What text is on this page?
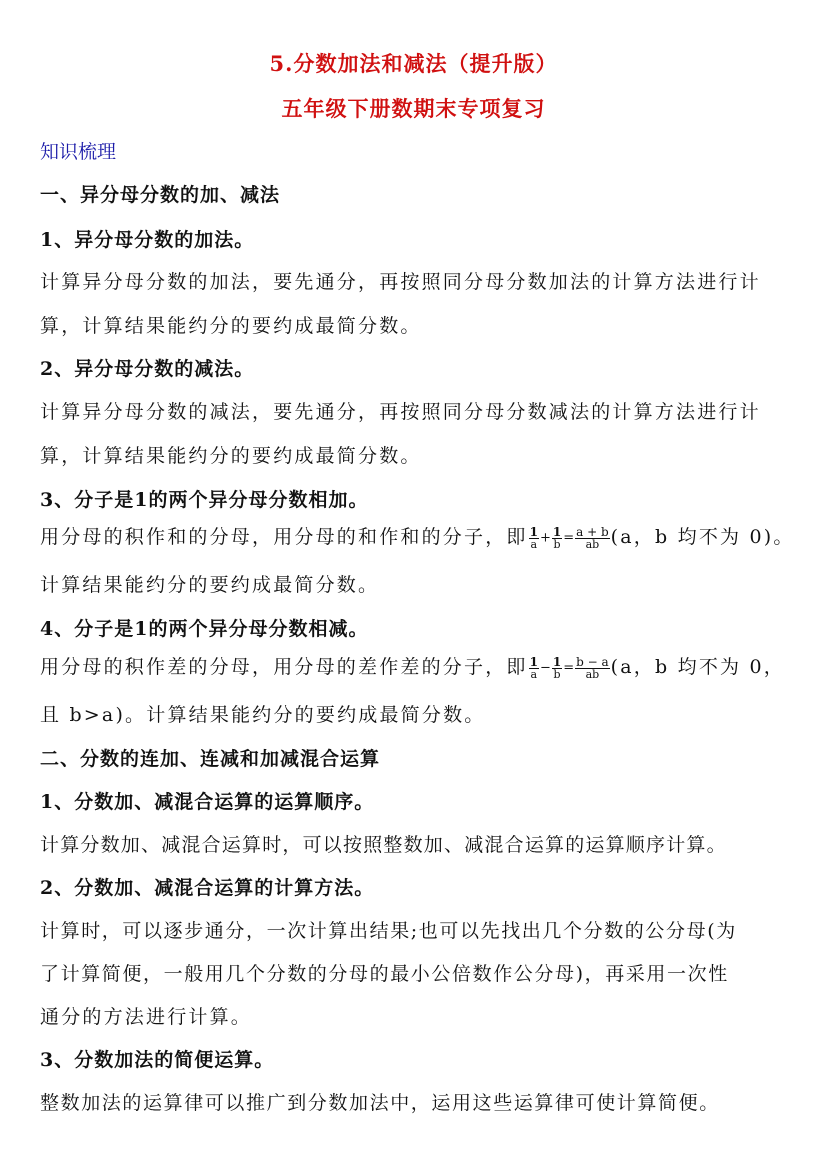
5.分数加法和减法（提升版）
五年级下册数期末专项复习
知识梳理
一、异分母分数的加、减法
1、异分母分数的加法。
计算异分母分数的加法，要先通分，再按照同分母分数加法的计算方法进行计
算，计算结果能约分的要约成最简分数。
2、异分母分数的减法。
计算异分母分数的减法，要先通分，再按照同分母分数减法的计算方法进行计
算，计算结果能约分的要约成最简分数。
3、分子是1的两个异分母分数相加。
用分母的积作和的分母，用分母的和作和的分子，即 $\frac{1}{a} + \frac{1}{b} = \frac{a + b}{ab} (a$，b 均不为 0)。
计算结果能约分的要约成最简分数。
4、分子是1的两个异分母分数相减。
用分母的积作差的分母，用分母的差作差的分子，即 $\frac{1}{a} - \frac{1}{b} = \frac{b - a}{ab} (a$，b 均不为 0，
且 b>a)。计算结果能约分的要约成最简分数。
二、分数的连加、连减和加减混合运算
1、分数加、减混合运算的运算顺序。
计算分数加、减混合运算时，可以按照整数加、减混合运算的运算顺序计算。
2、分数加、减混合运算的计算方法。
计算时，可以逐步通分，一次计算出结果;也可以先找出几个分数的公分母(为
了计算简便，一般用几个分数的分母的最小公倍数作公分母)，再采用一次性
通分的方法进行计算。
3、分数加法的简便运算。
整数加法的运算律可以推广到分数加法中，运用这些运算律可使计算简便。
